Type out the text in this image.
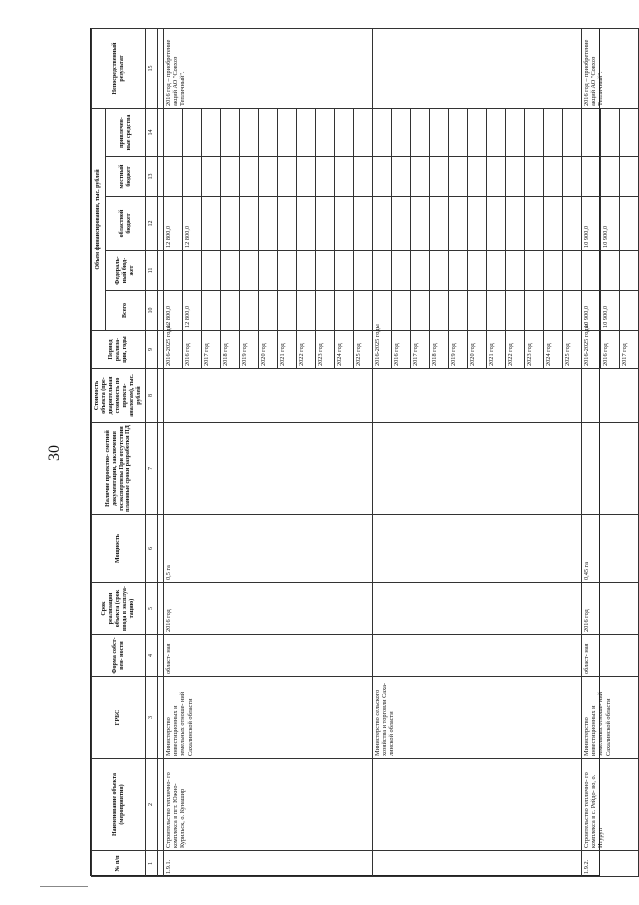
30
№ п/п	Наименование объекта (мероприятия)	ГРБС	Форма собст- вен- ности	Срок реализации объекта (срок ввода в эксплуа- тацию)	Мощность	Наличие проектно- сметной документации, заключения госэкспертизы При отсутствии плановые сроки разработки ПД	Стоимость объекта (пре- дварительная стоимость по проекта- аналогам), тыс. рублей	Период реализа- ции, годы	Объем финансирования, тыс. рублей					Непосредственный результат
									Всего	Федераль- ный бюд- жет	областной бюджет	местный бюджет	привлечен- ные средства	
1	2	3	4	5	6	7	8	9	10	11	12	13	14	15

1.9.1.	Строительство теплично- го комплекса в пгт. Южно-Курильск, о. Кунашир	Министерство инвестиционных и земельных отноше- ний Сахалинской области	област- ная	2016 год	0,5 га			2016-2025 годы	12 800,0		12 800,0			2016 год – приобретение акций АО "Совхоз Тепличный".
								2016 год	12 800,0		12 800,0			
								2017 год						
								2018 год						
								2019 год						
								2020 год						
								2021 год						
								2022 год						
								2023 год						
								2024 год						
								2025 год						
		Министерство сельского хозяйства и торговли Саха- линской области						2016-2025 годы						
								2016 год						
								2017 год						
								2018 год						
								2019 год						
								2020 год						
								2021 год						
								2022 год						
								2023 год						
								2024 год						
								2025 год						
1.9.2.	Строительство теплично- го комплекса в с. Рейдо- во, о. Итуруп	Министерство инвестиционных и земельных отноше- ний Сахалинской области	област- ная	2016 год	0,45 га			2016-2025 годы	10 900,0		10 900,0			2016 год – приобретение акций АО "Совхоз Тепличный".
								2016 год	10 900,0		10 900,0			
								2017 год						
